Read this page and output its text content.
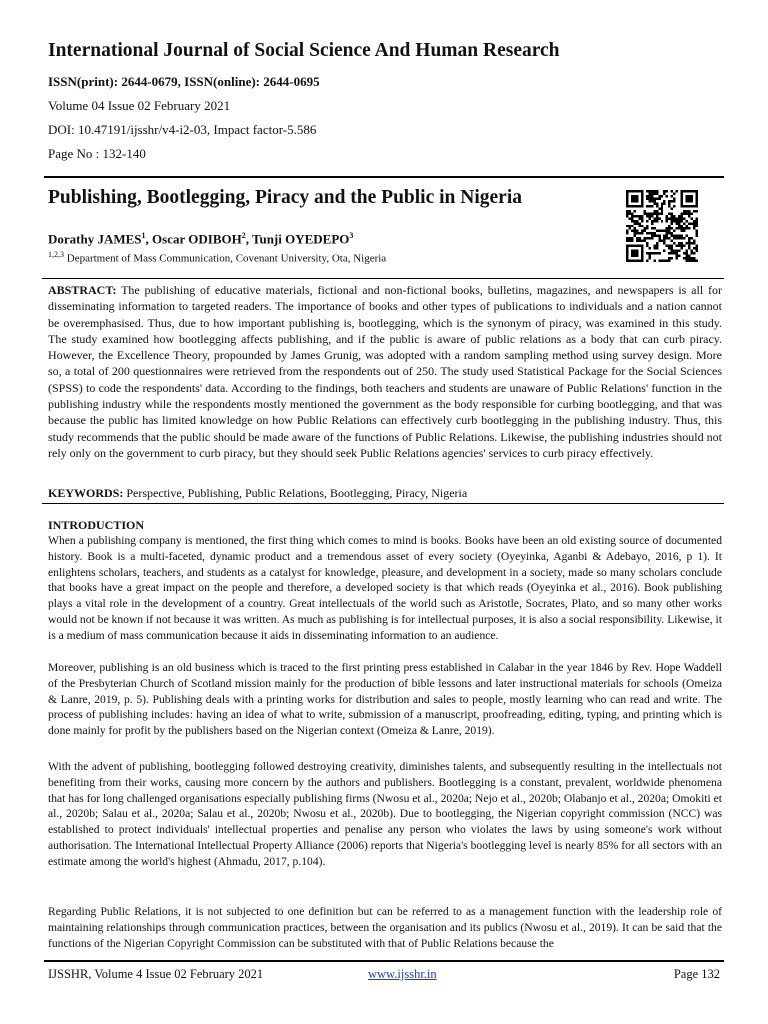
International Journal of Social Science And Human Research
ISSN(print): 2644-0679, ISSN(online): 2644-0695
Volume 04 Issue 02 February 2021
DOI: 10.47191/ijsshr/v4-i2-03, Impact factor-5.586
Page No : 132-140
Publishing, Bootlegging, Piracy and the Public in Nigeria
Dorathy JAMES$^1$, Oscar ODIBOH$^2$, Tunji OYEDEPO$^3$
$^{1,2,3}$ Department of Mass Communication, Covenant University, Ota, Nigeria
ABSTRACT: The publishing of educative materials, fictional and non-fictional books, bulletins, magazines, and newspapers is all for disseminating information to targeted readers. The importance of books and other types of publications to individuals and a nation cannot be overemphasised. Thus, due to how important publishing is, bootlegging, which is the synonym of piracy, was examined in this study. The study examined how bootlegging affects publishing, and if the public is aware of public relations as a body that can curb piracy. However, the Excellence Theory, propounded by James Grunig, was adopted with a random sampling method using survey design. More so, a total of 200 questionnaires were retrieved from the respondents out of 250. The study used Statistical Package for the Social Sciences (SPSS) to code the respondents' data. According to the findings, both teachers and students are unaware of Public Relations' function in the publishing industry while the respondents mostly mentioned the government as the body responsible for curbing bootlegging, and that was because the public has limited knowledge on how Public Relations can effectively curb bootlegging in the publishing industry. Thus, this study recommends that the public should be made aware of the functions of Public Relations. Likewise, the publishing industries should not rely only on the government to curb piracy, but they should seek Public Relations agencies' services to curb piracy effectively.
KEYWORDS: Perspective, Publishing, Public Relations, Bootlegging, Piracy, Nigeria
INTRODUCTION
When a publishing company is mentioned, the first thing which comes to mind is books. Books have been an old existing source of documented history. Book is a multi-faceted, dynamic product and a tremendous asset of every society (Oyeyinka, Aganbi & Adebayo, 2016, p 1). It enlightens scholars, teachers, and students as a catalyst for knowledge, pleasure, and development in a society, made so many scholars conclude that books have a great impact on the people and therefore, a developed society is that which reads (Oyeyinka et al., 2016). Book publishing plays a vital role in the development of a country. Great intellectuals of the world such as Aristotle, Socrates, Plato, and so many other works would not be known if not because it was written. As much as publishing is for intellectual purposes, it is also a social responsibility. Likewise, it is a medium of mass communication because it aids in disseminating information to an audience.
Moreover, publishing is an old business which is traced to the first printing press established in Calabar in the year 1846 by Rev. Hope Waddell of the Presbyterian Church of Scotland mission mainly for the production of bible lessons and later instructional materials for schools (Omeiza & Lanre, 2019, p. 5). Publishing deals with a printing works for distribution and sales to people, mostly learning who can read and write. The process of publishing includes: having an idea of what to write, submission of a manuscript, proofreading, editing, typing, and printing which is done mainly for profit by the publishers based on the Nigerian context (Omeiza & Lanre, 2019).
With the advent of publishing, bootlegging followed destroying creativity, diminishes talents, and subsequently resulting in the intellectuals not benefiting from their works, causing more concern by the authors and publishers. Bootlegging is a constant, prevalent, worldwide phenomena that has for long challenged organisations especially publishing firms (Nwosu et al., 2020a; Nejo et al., 2020b; Olabanjo et al., 2020a; Omokiti et al., 2020b; Salau et al., 2020a; Salau et al., 2020b; Nwosu et al., 2020b). Due to bootlegging, the Nigerian copyright commission (NCC) was established to protect individuals' intellectual properties and penalise any person who violates the laws by using someone's work without authorisation. The International Intellectual Property Alliance (2006) reports that Nigeria's bootlegging level is nearly 85% for all sectors with an estimate among the world's highest (Ahmadu, 2017, p.104).
Regarding Public Relations, it is not subjected to one definition but can be referred to as a management function with the leadership role of maintaining relationships through communication practices, between the organisation and its publics (Nwosu et al., 2019). It can be said that the functions of the Nigerian Copyright Commission can be substituted with that of Public Relations because the
IJSSHR, Volume 4 Issue 02 February 2021	www.ijsshr.in	Page 132
